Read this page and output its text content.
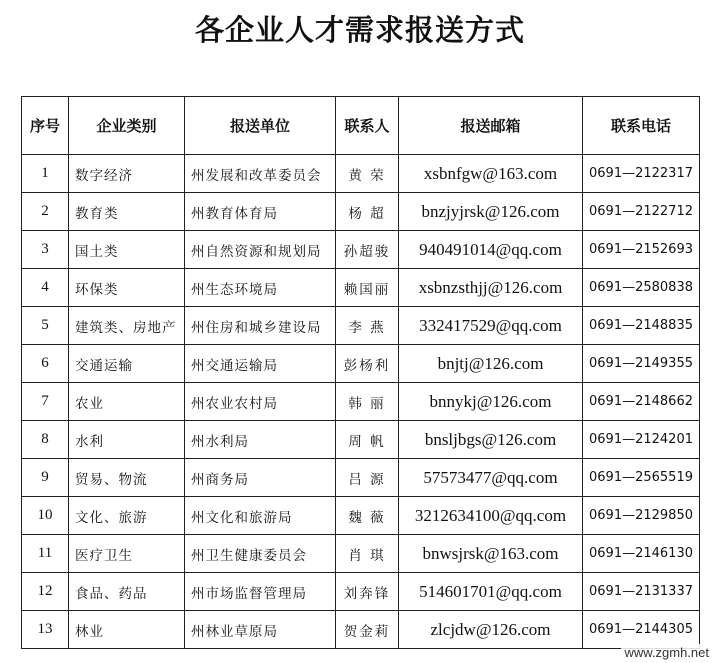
各企业人才需求报送方式
序号	企业类别	报送单位	联系人	报送邮箱	联系电话
1	数字经济	州发展和改革委员会	黄 荣	xsbnfgw@163.com	0691—2122317
2	教育类	州教育体育局	杨 超	bnzjyjrsk@126.com	0691—2122712
3	国土类	州自然资源和规划局	孙超骏	940491014@qq.com	0691—2152693
4	环保类	州生态环境局	赖国丽	xsbnzsthjj@126.com	0691—2580838
5	建筑类、房地产	州住房和城乡建设局	李 燕	332417529@qq.com	0691—2148835
6	交通运输	州交通运输局	彭杨利	bnjtj@126.com	0691—2149355
7	农业	州农业农村局	韩 丽	bnnykj@126.com	0691—2148662
8	水利	州水利局	周 帆	bnsljbgs@126.com	0691—2124201
9	贸易、物流	州商务局	吕 源	57573477@qq.com	0691—2565519
10	文化、旅游	州文化和旅游局	魏 薇	3212634100@qq.com	0691—2129850
11	医疗卫生	州卫生健康委员会	肖 琪	bnwsjrsk@163.com	0691—2146130
12	食品、药品	州市场监督管理局	刘奔锋	514601701@qq.com	0691—2131337
13	林业	州林业草原局	贺金莉	zlcjdw@126.com	0691—2144305
www.zgmh.net
